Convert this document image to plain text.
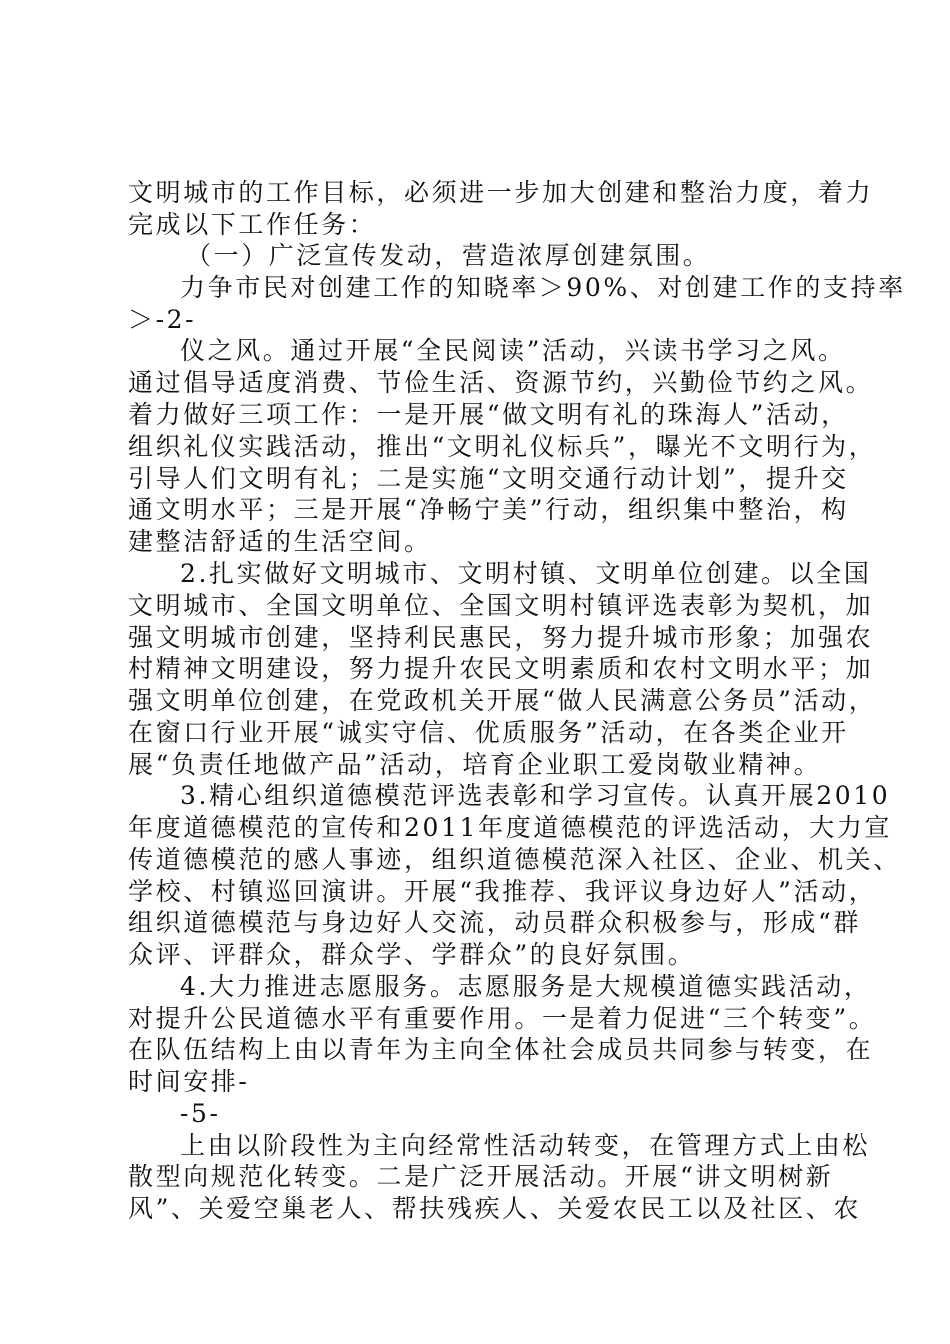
文明城市的工作目标，必须进一步加大创建和整治力度，着力
完成以下工作任务：
（一）广泛宣传发动，营造浓厚创建氛围。
力争市民对创建工作的知晓率＞90%、对创建工作的支持率
＞-2-
仪之风。通过开展“全民阅读”活动，兴读书学习之风。
通过倡导适度消费、节俭生活、资源节约，兴勤俭节约之风。
着力做好三项工作：一是开展“做文明有礼的珠海人”活动，
组织礼仪实践活动，推出“文明礼仪标兵”，曝光不文明行为，
引导人们文明有礼；二是实施“文明交通行动计划”，提升交
通文明水平；三是开展“净畅宁美”行动，组织集中整治，构
建整洁舒适的生活空间。
2.扎实做好文明城市、文明村镇、文明单位创建。以全国
文明城市、全国文明单位、全国文明村镇评选表彰为契机，加
强文明城市创建，坚持利民惠民，努力提升城市形象；加强农
村精神文明建设，努力提升农民文明素质和农村文明水平；加
强文明单位创建，在党政机关开展“做人民满意公务员”活动，
在窗口行业开展“诚实守信、优质服务”活动，在各类企业开
展“负责任地做产品”活动，培育企业职工爱岗敬业精神。
3.精心组织道德模范评选表彰和学习宣传。认真开展2010
年度道德模范的宣传和2011年度道德模范的评选活动，大力宣
传道德模范的感人事迹，组织道德模范深入社区、企业、机关、
学校、村镇巡回演讲。开展“我推荐、我评议身边好人”活动，
组织道德模范与身边好人交流，动员群众积极参与，形成“群
众评、评群众，群众学、学群众”的良好氛围。
4.大力推进志愿服务。志愿服务是大规模道德实践活动，
对提升公民道德水平有重要作用。一是着力促进“三个转变”。
在队伍结构上由以青年为主向全体社会成员共同参与转变，在
时间安排-
-5-
上由以阶段性为主向经常性活动转变，在管理方式上由松
散型向规范化转变。二是广泛开展活动。开展“讲文明树新
风”、关爱空巢老人、帮扶残疾人、关爱农民工以及社区、农
